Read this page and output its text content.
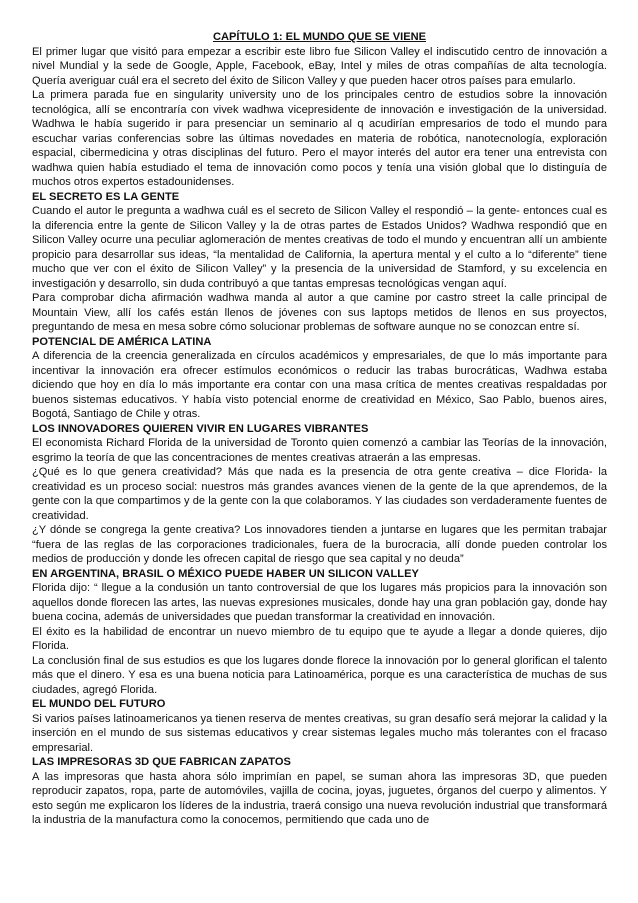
CAPÍTULO 1: EL MUNDO QUE SE VIENE

El primer lugar que visitó para empezar a escribir este libro fue Silicon Valley el indiscutido centro de innovación a nivel Mundial y la sede de Google, Apple, Facebook, eBay, Intel y miles de otras compañías de alta tecnología. Quería averiguar cuál era el secreto del éxito de Silicon Valley y que pueden hacer otros países para emularlo.

La primera parada fue en singularity university uno de los principales centro de estudios sobre la innovación tecnológica, allí se encontraría con vivek wadhwa vicepresidente de innovación e investigación de la universidad. Wadhwa le había sugerido ir para presenciar un seminario al q acudirían empresarios de todo el mundo para escuchar varias conferencias sobre las últimas novedades en materia de robótica, nanotecnología, exploración espacial, cibermedicina y otras disciplinas del futuro. Pero el mayor interés del autor era tener una entrevista con wadhwa quien había estudiado el tema de innovación como pocos y tenía una visión global que lo distinguía de muchos otros expertos estadounidenses.

EL SECRETO ES LA GENTE

Cuando el autor le pregunta a wadhwa cuál es el secreto de Silicon Valley el respondió – la gente- entonces cual es la diferencia entre la gente de Silicon Valley y la de otras partes de Estados Unidos? Wadhwa respondió que en Silicon Valley ocurre una peculiar aglomeración de mentes creativas de todo el mundo y encuentran allí un ambiente propicio para desarrollar sus ideas, “la mentalidad de California, la apertura mental y el culto a lo “diferente” tiene mucho que ver con el éxito de Silicon Valley” y la presencia de la universidad de Stamford, y su excelencia en investigación y desarrollo, sin duda contribuyó a que tantas empresas tecnológicas vengan aquí.

Para comprobar dicha afirmación wadhwa manda al autor a que camine por castro street la calle principal de Mountain View, allí los cafés están llenos de jóvenes con sus laptops metidos de llenos en sus proyectos, preguntando de mesa en mesa sobre cómo solucionar problemas de software aunque no se conozcan entre sí.

POTENCIAL DE AMÉRICA LATINA

A diferencia de la creencia generalizada en círculos académicos y empresariales, de que lo más importante para incentivar la innovación era ofrecer estímulos económicos o reducir las trabas burocráticas, Wadhwa estaba diciendo que hoy en día lo más importante era contar con una masa crítica de mentes creativas respaldadas por buenos sistemas educativos. Y había visto potencial enorme de creatividad en México, Sao Pablo, buenos aires, Bogotá, Santiago de Chile y otras.

LOS INNOVADORES QUIEREN VIVIR EN LUGARES VIBRANTES

El economista Richard Florida de la universidad de Toronto quien comenzó a cambiar las Teorías de la innovación, esgrimo la teoría de que las concentraciones de mentes creativas atraerán a las empresas.

¿Qué es lo que genera creatividad? Más que nada es la presencia de otra gente creativa – dice Florida- la creatividad es un proceso social: nuestros más grandes avances vienen de la gente de la que aprendemos, de la gente con la que compartimos y de la gente con la que colaboramos. Y las ciudades son verdaderamente fuentes de creatividad.

¿Y dónde se congrega la gente creativa? Los innovadores tienden a juntarse en lugares que les permitan trabajar “fuera de las reglas de las corporaciones tradicionales, fuera de la burocracia, allí donde pueden controlar los medios de producción y donde les ofrecen capital de riesgo que sea capital y no deuda”

EN ARGENTINA, BRASIL O MÉXICO PUEDE HABER UN SILICON VALLEY

Florida dijo: “ llegue a la condusión un tanto controversial de que los lugares más propicios para la innovación son aquellos donde florecen las artes, las nuevas expresiones musicales, donde hay una gran población gay, donde hay buena cocina, además de universidades que puedan transformar la creatividad en innovación.

El éxito es la habilidad de encontrar un nuevo miembro de tu equipo que te ayude a llegar a donde quieres, dijo Florida.

La conclusión final de sus estudios es que los lugares donde florece la innovación por lo general glorifican el talento más que el dinero. Y esa es una buena noticia para Latinoamérica, porque es una característica de muchas de sus ciudades, agregó Florida.

EL MUNDO DEL FUTURO

Si varios países latinoamericanos ya tienen reserva de mentes creativas, su gran desafío será mejorar la calidad y la inserción en el mundo de sus sistemas educativos y crear sistemas legales mucho más tolerantes con el fracaso empresarial.

LAS IMPRESORAS 3D QUE FABRICAN ZAPATOS

A las impresoras que hasta ahora sólo imprimían en papel, se suman ahora las impresoras 3D, que pueden reproducir zapatos, ropa, parte de automóviles, vajilla de cocina, joyas, juguetes, órganos del cuerpo y alimentos. Y esto según me explicaron los líderes de la industria, traerá consigo una nueva revolución industrial que transformará la industria de la manufactura como la conocemos, permitiendo que cada uno de
